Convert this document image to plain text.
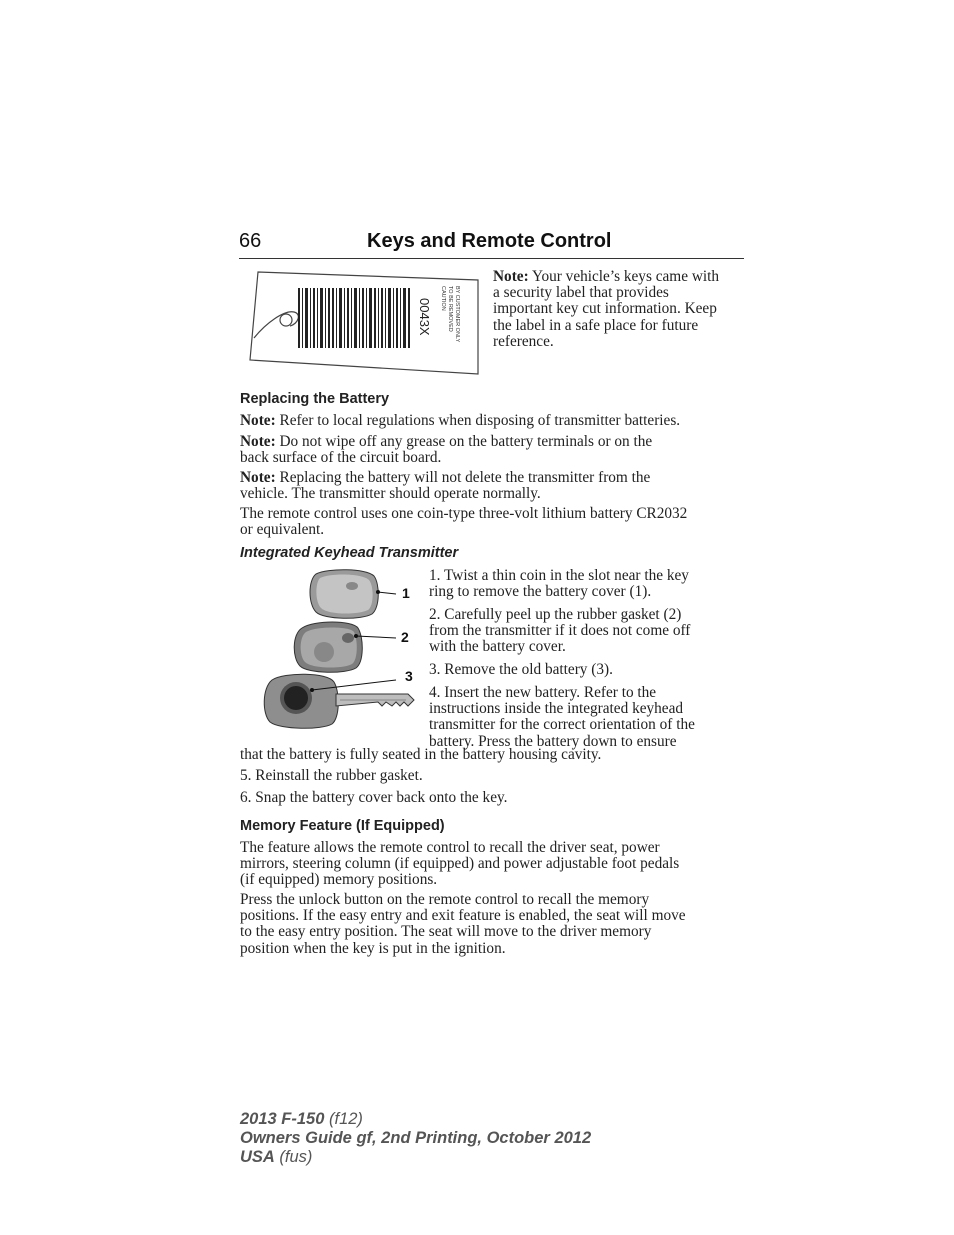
66	Keys and Remote Control
0043X CAUTION TO BE REMOVED BY CUSTOMER ONLY
Note: Your vehicle’s keys came with
a security label that provides
important key cut information. Keep
the label in a safe place for future
reference.
Replacing the Battery
Note: Refer to local regulations when disposing of transmitter batteries.
Note: Do not wipe off any grease on the battery terminals or on the
back surface of the circuit board.
Note: Replacing the battery will not delete the transmitter from the
vehicle. The transmitter should operate normally.
The remote control uses one coin-type three-volt lithium battery CR2032
or equivalent.
Integrated Keyhead Transmitter
1
2
3
1. Twist a thin coin in the slot near the key
ring to remove the battery cover (1).
2. Carefully peel up the rubber gasket (2)
from the transmitter if it does not come off
with the battery cover.
3. Remove the old battery (3).
4. Insert the new battery. Refer to the
instructions inside the integrated keyhead
transmitter for the correct orientation of the
battery. Press the battery down to ensure
that the battery is fully seated in the battery housing cavity.
5. Reinstall the rubber gasket.
6. Snap the battery cover back onto the key.
Memory Feature (If Equipped)
The feature allows the remote control to recall the driver seat, power
mirrors, steering column (if equipped) and power adjustable foot pedals
(if equipped) memory positions.
Press the unlock button on the remote control to recall the memory
positions. If the easy entry and exit feature is enabled, the seat will move
to the easy entry position. The seat will move to the driver memory
position when the key is put in the ignition.
2013 F-150 (f12)
Owners Guide gf, 2nd Printing, October 2012
USA (fus)
